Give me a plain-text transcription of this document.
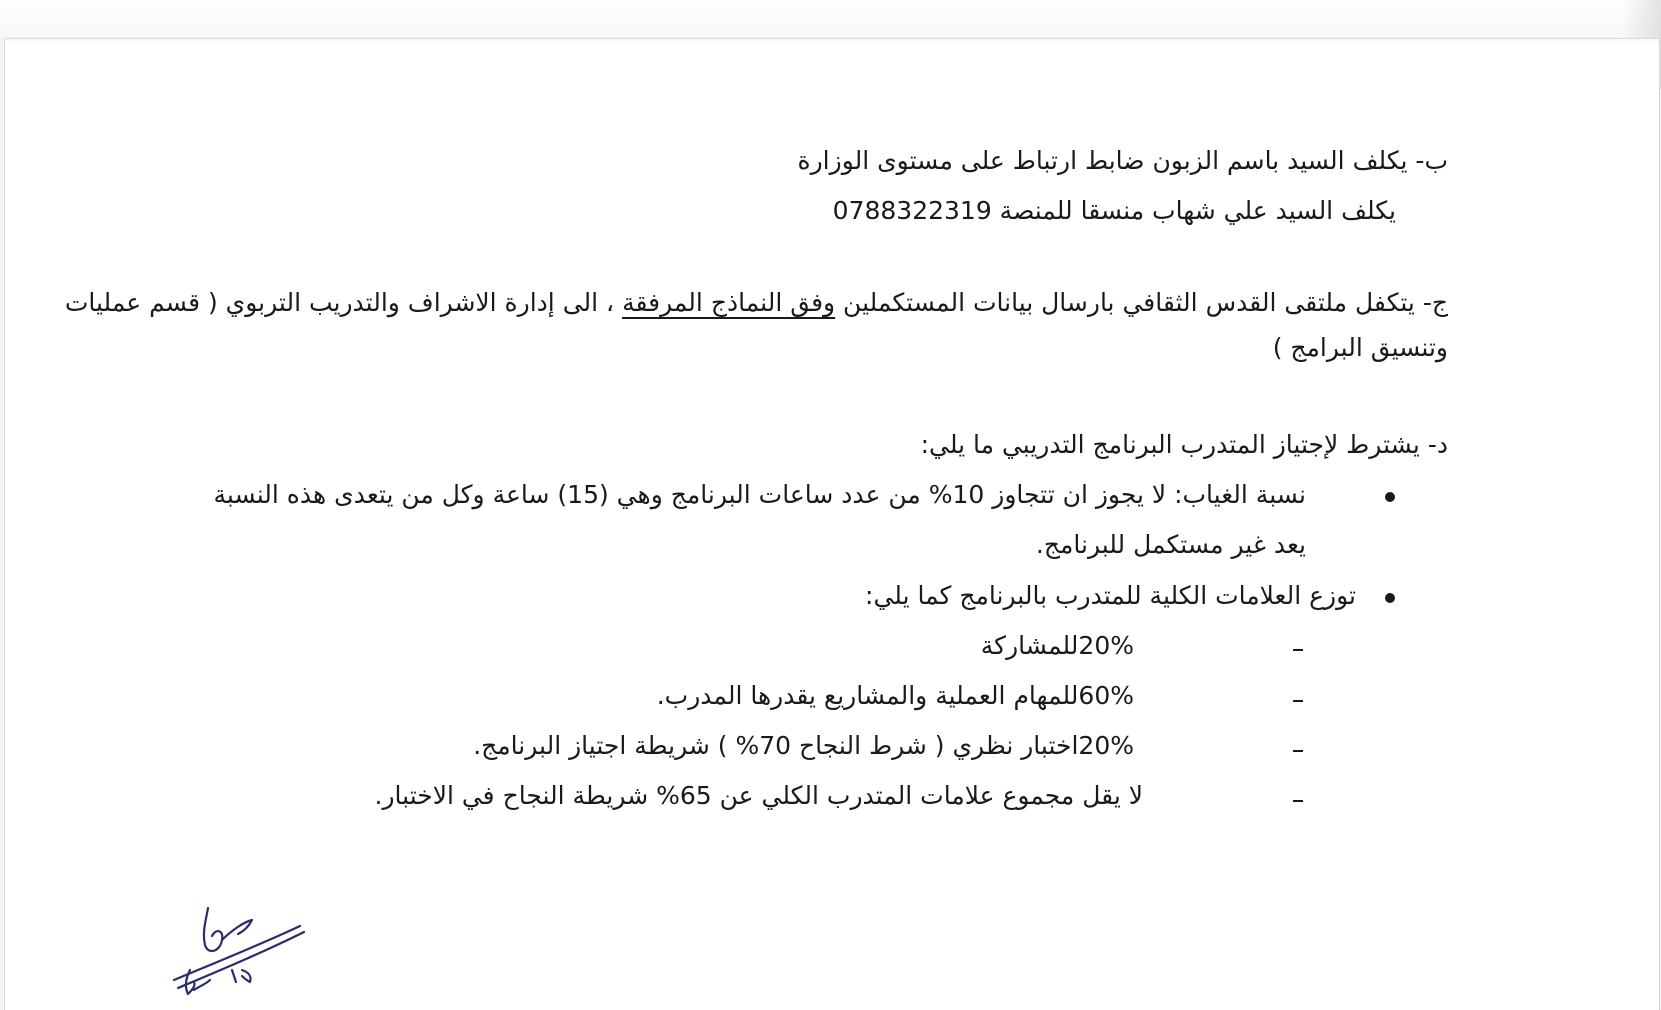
ب- يكلف السيد باسم الزبون ضابط ارتباط على مستوى الوزارة
يكلف السيد علي شهاب منسقا للمنصة 0788322319
ج- يتكفل ملتقى القدس الثقافي بارسال بيانات المستكملين وفق النماذج المرفقة ، الى إدارة الاشراف والتدريب التربوي ( قسم عمليات
وتنسيق البرامج )
د- يشترط لإجتياز المتدرب البرنامج التدريبي ما يلي:
نسبة الغياب: لا يجوز ان تتجاوز 10% من عدد ساعات البرنامج وهي (15) ساعة وكل من يتعدى هذه النسبة
يعد غير مستكمل للبرنامج.
توزع العلامات الكلية للمتدرب بالبرنامج كما يلي:
20%للمشاركة
60%للمهام العملية والمشاريع يقدرها المدرب.
20%اختبار نظري ( شرط النجاح 70% ) شريطة اجتياز البرنامج.
لا يقل مجموع علامات المتدرب الكلي عن 65% شريطة النجاح في الاختبار.
